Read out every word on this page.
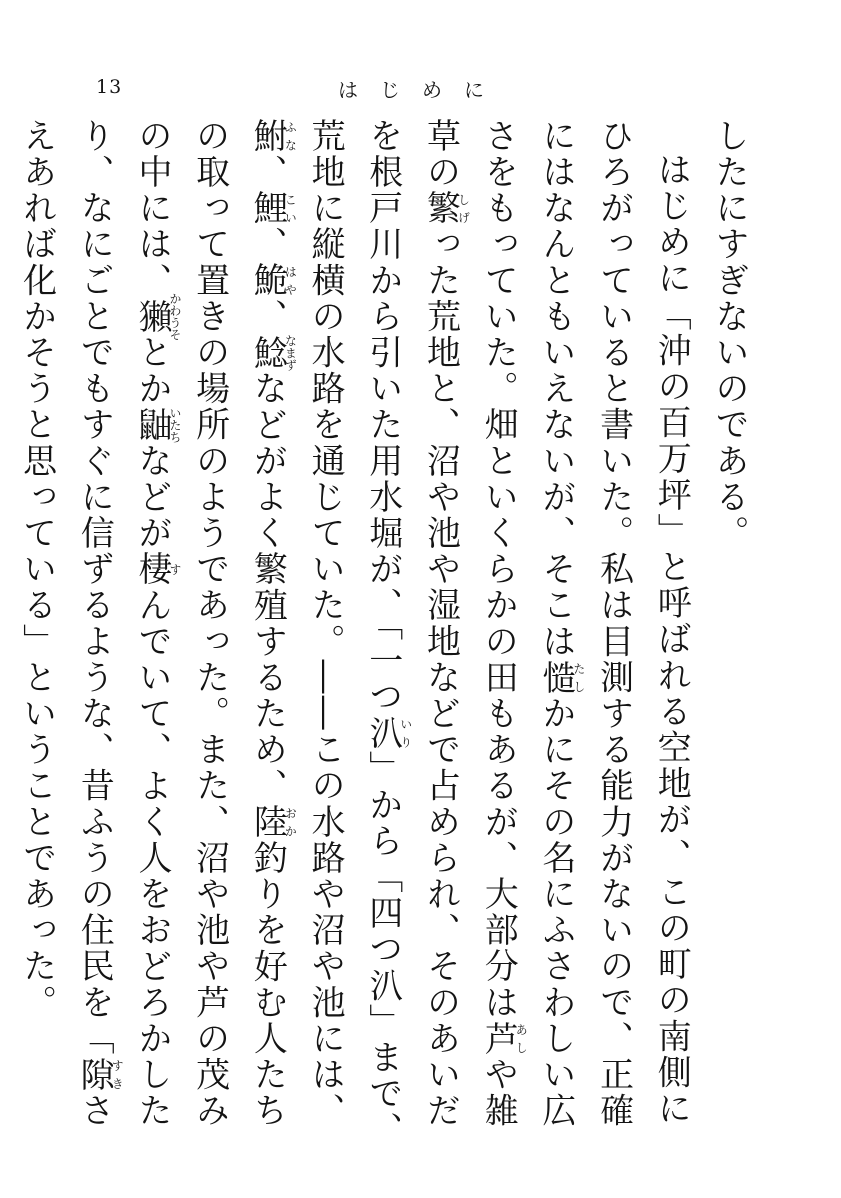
13	はじめに

したにすぎないのである。

はじめに「沖の百万坪」と呼ばれる空地が、この町の南側にひろがっていると書いた。私は目測する能力がないので、正確にはなんともいえないが、そこは慥たしかにその名にふさわしい広さをもっていた。畑といくらかの田もあるが、大部分は芦あしや雑草の繁しげった荒地と、沼や池や湿地などで占められ、そのあいだを根戸川から引いた用水堀が、「一つ汃いり」から「四つ汃」まで、荒地に縦横の水路を通じていた。――この水路や沼や池には、鮒ふな、鯉こい、鮠はや、鯰なまずなどがよく繁殖するため、陸おか釣りを好む人たちの取って置きの場所のようであった。また、沼や池や芦の茂みの中には、獺かわうそとか鼬いたちなどが棲すんでいて、よく人をおどろかしたり、なにごとでもすぐに信ずるような、昔ふうの住民を「隙すきさえあれば化かそうと思っている」ということであった。
